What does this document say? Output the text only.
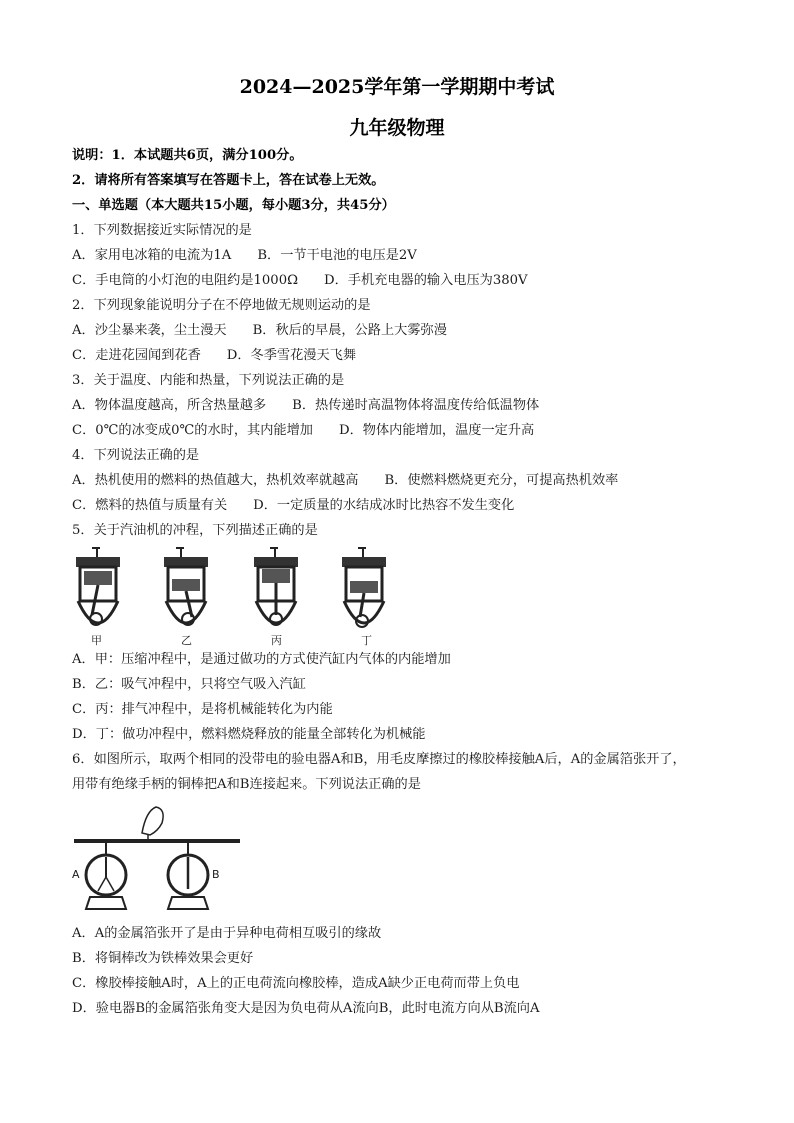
2024—2025学年第一学期期中考试
九年级物理
说明：1．本试题共6页，满分100分。
2．请将所有答案填写在答题卡上，答在试卷上无效。
一、单选题（本大题共15小题，每小题3分，共45分）
1．下列数据接近实际情况的是
A．家用电冰箱的电流为1A B．一节干电池的电压是2V
C．手电筒的小灯泡的电阻约是1000Ω D．手机充电器的输入电压为380V
2．下列现象能说明分子在不停地做无规则运动的是
A．沙尘暴来袭，尘土漫天 B．秋后的早晨，公路上大雾弥漫
C．走进花园闻到花香 D．冬季雪花漫天飞舞
3．关于温度、内能和热量，下列说法正确的是
A．物体温度越高，所含热量越多 B．热传递时高温物体将温度传给低温物体
C．0℃的冰变成0℃的水时，其内能增加 D．物体内能增加，温度一定升高
4．下列说法正确的是
A．热机使用的燃料的热值越大，热机效率就越高 B．使燃料燃烧更充分，可提高热机效率
C．燃料的热值与质量有关 D．一定质量的水结成冰时比热容不发生变化
5．关于汽油机的冲程，下列描述正确的是
甲	乙	丙	丁
A．甲：压缩冲程中，是通过做功的方式使汽缸内气体的内能增加
B．乙：吸气冲程中，只将空气吸入汽缸
C．丙：排气冲程中，是将机械能转化为内能
D．丁：做功冲程中，燃料燃烧释放的能量全部转化为机械能
6．如图所示，取两个相同的没带电的验电器A和B，用毛皮摩擦过的橡胶棒接触A后，A的金属箔张开了，
用带有绝缘手柄的铜棒把A和B连接起来。下列说法正确的是
A	B
A．A的金属箔张开了是由于异种电荷相互吸引的缘故
B．将铜棒改为铁棒效果会更好
C．橡胶棒接触A时，A上的正电荷流向橡胶棒，造成A缺少正电荷而带上负电
D．验电器B的金属箔张角变大是因为负电荷从A流向B，此时电流方向从B流向A
